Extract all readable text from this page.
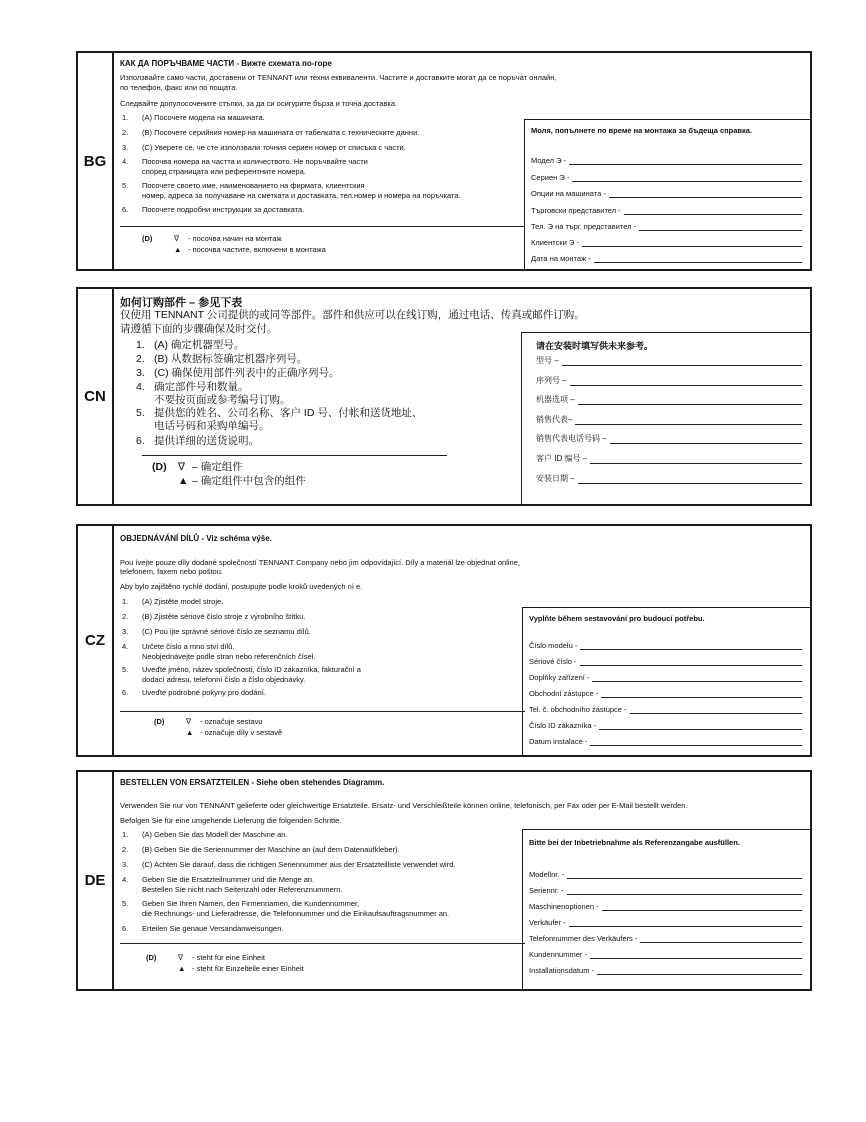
BG
КАК ДА ПОРЪЧВАМЕ ЧАСТИ - Вижте схемата по-горе
Използвайте само части, доставени от TENNANT или техни еквиваленти. Частите и доставките могат да се поръчат онлайн,
по телефон, факс или по пощата.
Следвайте допулосочените стъпки, за да си осигурите бърза и точна доставка.
1. (A) Посочете модела на машината.
2. (B) Посочете серийния номер на машината от табелката с техническите данни.
3. (C) Уверете се, че сте използвали точния сериен номер от списъка с части.
4. Посочва номера на частта и количеството. Не поръчвайте части
според страницата или референтните номера.
5. Посочете своето име, наименованието на фирмата, клиентския
номер, адреса за получаване на сметката и доставката, тел.номер и номера на поръчката.
6. Посочете подробни инструкции за доставката.
(D)	∇ - посочва начин на монтаж
▲ - посочва частите, включени в монтажа
Моля, попълнете по време на монтажа за бъдеща справка.
Модел Э -
Сериен Э -
Опции на машината -
Търговски представител -
Тел. Э на търг. представител -
Клиентски Э -
Дата на монтаж -
CN
如何订购部件 – 参见下表
仅使用 TENNANT 公司提供的或同等部件。部件和供应可以在线订购，通过电话、传真或邮件订购。
请遵循下面的步骤确保及时交付。
1. (A) 确定机器型号。
2. (B) 从数据标签确定机器序列号。
3. (C) 确保使用部件列表中的正确序列号。
4. 确定部件号和数量。
不要按页面或参考编号订购。
5. 提供您的姓名、公司名称、客户 ID 号、付帐和送货地址、
电话号码和采购单编号。
6. 提供详细的送货说明。
(D) ∇ – 确定组件
▲ – 确定组件中包含的组件
请在安装时填写供未来参考。
型号 –
序列号 –
机器选项 –
销售代表–
销售代表电话号码 –
客户 ID 编号 –
安装日期 –
CZ
OBJEDNÁVÁNÍ DÍLŮ - Viz schéma výše.
Pou ívejte pouze díly dodané společností TENNANT Company nebo jim odpovídající. Díly a materiál lze objednat online,
telefonem, faxem nebo poštou.
Aby bylo zajištěno rychlé dodání, postupujte podle kroků uvedených ní e.
1. (A) Zjistěte model stroje.
2. (B) Zjistěte sériové číslo stroje z výrobního štítku.
3. (C) Pou ijte správné sériové číslo ze seznamu dílů.
4. Určete číslo a mno ství dílů.
Neobjednávejte podle stran nebo referenčních čísel.
5. Uveďte jméno, název společnosti, číslo ID zákazníka, fakturační a
dodací adresu, telefonní číslo a číslo objednávky.
6. Uveďte podrobné pokyny pro dodání.
(D)	∇ - označuje sestavu
▲ - označuje díly v sestavě
Vyplňte během sestavování pro budoucí potřebu.
Číslo modelu -
Sériové číslo -
Doplňky zařízení -
Obchodní zástupce -
Tel. č. obchodního zástupce -
Číslo ID zákazníka -
Datum instalace -
DE
BESTELLEN VON ERSATZTEILEN - Siehe oben stehendes Diagramm.
Verwenden Sie nur von TENNANT gelieferte oder gleichwertige Ersatzteile. Ersatz- und Verschleißteile können online, telefonisch, per Fax oder per E-Mail bestellt werden.
Befolgen Sie für eine umgehende Lieferung die folgenden Schritte.
1. (A) Geben Sie das Modell der Maschine an.
2. (B) Geben Sie die Seriennummer der Maschine an (auf dem Datenaufkleber).
3. (C) Achten Sie darauf, dass die richtigen Seriennummer aus der Ersatzteilliste verwendet wird.
4. Geben Sie die Ersatzteilnummer und die Menge an.
Bestellen Sie nicht nach Seitenzahl oder Referenznummern.
5. Geben Sie Ihren Namen, den Firmennamen, die Kundennummer,
die Rechnungs- und Lieferadresse, die Telefonnummer und die Einkaufsauftragsnummer an.
6. Erteilen Sie genaue Versandanweisungen.
(D)	∇ - steht für eine Einheit
▲ - steht für Einzelteile einer Einheit
Bitte bei der Inbetriebnahme als Referenzangabe ausfüllen.
Modellnr. -
Seriennr. -
Maschinenoptionen -
Verkäufer -
Telefonnummer des Verkäufers -
Kundennummer -
Installationsdatum -
